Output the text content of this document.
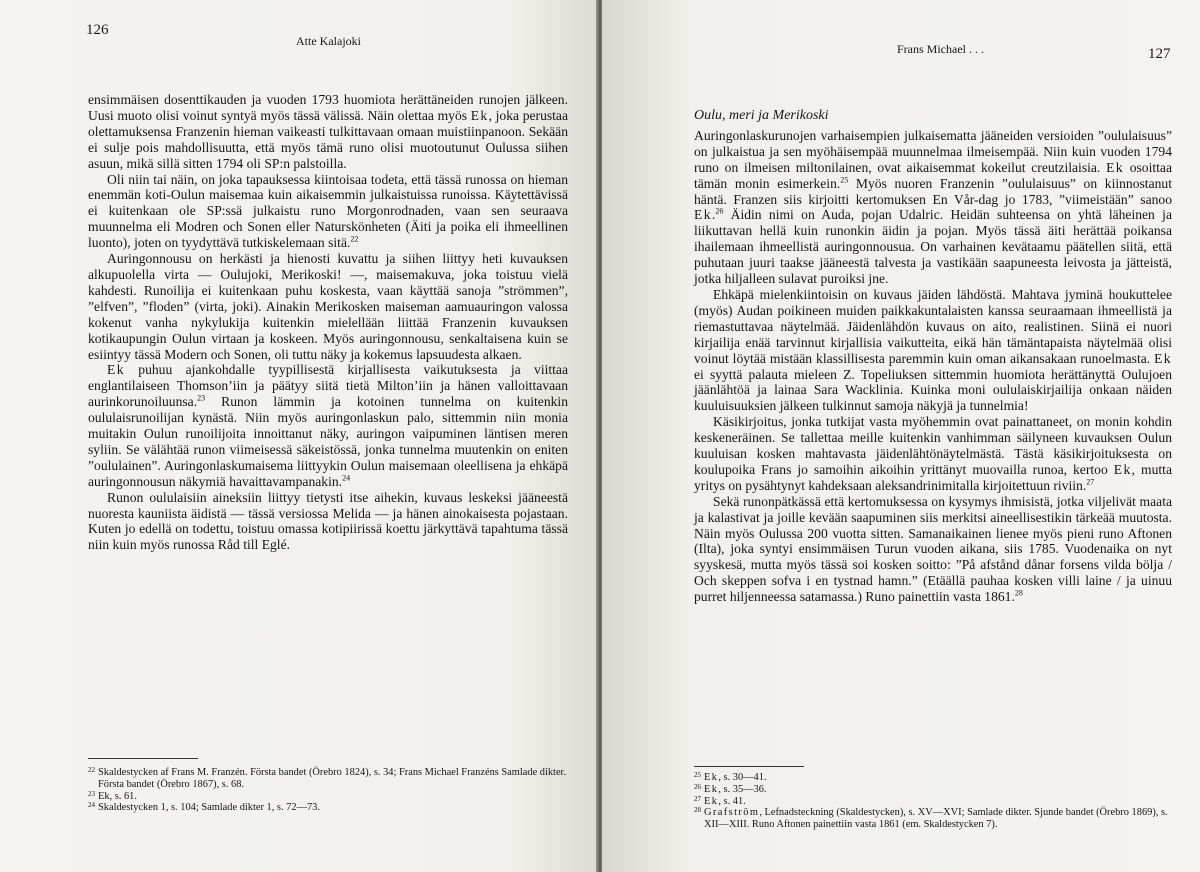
126
Atte Kalajoki

ensimmäisen dosenttikauden ja vuoden 1793 huomiota herättäneiden runojen jälkeen. Uusi muoto olisi voinut syntyä myös tässä välissä. Näin olettaa myös Ek, joka perustaa olettamuksensa Franzenin hieman vaikeasti tulkittavaan omaan muistiinpanoon. Sekään ei sulje pois mahdollisuutta, että myös tämä runo olisi muotoutunut Oulussa siihen asuun, mikä sillä sitten 1794 oli SP:n palstoilla.

Oli niin tai näin, on joka tapauksessa kiintoisaa todeta, että tässä runossa on hieman enemmän koti-Oulun maisemaa kuin aikaisemmin julkaistuissa runoissa. Käytettävissä ei kuitenkaan ole SP:ssä julkaistu runo Morgonrodnaden, vaan sen seuraava muunnelma eli Modren och Sonen eller Naturskönheten (Äiti ja poika eli ihmeellinen luonto), joten on tyydyttävä tutkiskelemaan sitä.$^{22}$

Auringonnousu on herkästi ja hienosti kuvattu ja siihen liittyy heti kuvauksen alkupuolella virta — Oulujoki, Merikoski! —, maisemakuva, joka toistuu vielä kahdesti. Runoilija ei kuitenkaan puhu koskesta, vaan käyttää sanoja ”strömmen”, ”elfven”, ”floden” (virta, joki). Ainakin Merikosken maiseman aamuauringon valossa kokenut vanha nykylukija kuitenkin mielellään liittää Franzenin kuvauksen kotikaupungin Oulun virtaan ja koskeen. Myös auringonnousu, senkaltaisena kuin se esiintyy tässä Modern och Sonen, oli tuttu näky ja kokemus lapsuudesta alkaen.

Ek puhuu ajankohdalle tyypillisestä kirjallisesta vaikutuksesta ja viittaa englantilaiseen Thomson’iin ja päätyy siitä tietä Milton’iin ja hänen valloittavaan aurinkorunoiluunsa.$^{23}$ Runon lämmin ja kotoinen tunnelma on kuitenkin oululaisrunoilijan kynästä. Niin myös auringonlaskun palo, sittemmin niin monia muitakin Oulun runoilijoita innoittanut näky, auringon vaipuminen läntisen meren syliin. Se välähtää runon viimeisessä säkeistössä, jonka tunnelma muutenkin on eniten ”oululainen”. Auringonlaskumaisema liittyykin Oulun maisemaan oleellisena ja ehkäpä auringonnousun näkymiä havaittavampanakin.$^{24}$

Runon oululaisiin aineksiin liittyy tietysti itse aihekin, kuvaus leskeksi jääneestä nuoresta kauniista äidistä — tässä versiossa Melida — ja hänen ainokaisesta pojastaan. Kuten jo edellä on todettu, toistuu omassa kotipiirissä koettu järkyttävä tapahtuma tässä niin kuin myös runossa Råd till Eglé.

22 Skaldestycken af Frans M. Franzén. Första bandet (Örebro 1824), s. 34; Frans Michael Franzéns Samlade dikter. Första bandet (Örebro 1867), s. 68.
23 Ek, s. 61.
24 Skaldestycken 1, s. 104; Samlade dikter 1, s. 72—73.
Frans Michael . . .	127
Oulu, meri ja Merikoski

Auringonlaskurunojen varhaisempien julkaisematta jääneiden versioiden ”oululaisuus” on julkaistua ja sen myöhäisempää muunnelmaa ilmeisempää. Niin kuin vuoden 1794 runo on ilmeisen miltonilainen, ovat aikaisemmat kokeilut creutzilaisia. Ek osoittaa tämän monin esimerkein.$^{25}$ Myös nuoren Franzenin ”oululaisuus” on kiinnostanut häntä. Franzen siis kirjoitti kertomuksen En Vår-dag jo 1783, ”viimeistään” sanoo Ek.$^{26}$ Äidin nimi on Auda, pojan Udalric. Heidän suhteensa on yhtä läheinen ja liikuttavan hellä kuin runonkin äidin ja pojan. Myös tässä äiti herättää poikansa ihailemaan ihmeellistä auringonnousua. On varhainen kevätaamu päätellen siitä, että puhutaan juuri taakse jääneestä talvesta ja vastikään saapuneesta leivosta ja jätteistä, jotka hiljalleen sulavat puroiksi jne.

Ehkäpä mielenkiintoisin on kuvaus jäiden lähdöstä. Mahtava jyminä houkuttelee (myös) Audan poikineen muiden paikkakuntalaisten kanssa seuraamaan ihmeellistä ja riemastuttavaa näytelmää. Jäidenlähdön kuvaus on aito, realistinen. Siinä ei nuori kirjailija enää tarvinnut kirjallisia vaikutteita, eikä hän tämäntapaista näytelmää olisi voinut löytää mistään klassillisesta paremmin kuin oman aikansakaan runoelmasta. Ek ei syyttä palauta mieleen Z. Topeliuksen sittemmin huomiota herättänyttä Oulujoen jäänlähtöä ja lainaa Sara Wacklinia. Kuinka moni oululaiskirjailija onkaan näiden kuuluisuuksien jälkeen tulkinnut samoja näkyjä ja tunnelmia!

Käsikirjoitus, jonka tutkijat vasta myöhemmin ovat painattaneet, on monin kohdin keskeneräinen. Se tallettaa meille kuitenkin vanhimman säilyneen kuvauksen Oulun kuuluisan kosken mahtavasta jäidenlähtönäytelmästä. Tästä käsikirjoituksesta on koulupoika Frans jo samoihin aikoihin yrittänyt muovailla runoa, kertoo Ek, mutta yritys on pysähtynyt kahdeksaan aleksandrinimitalla kirjoitettuun riviin.$^{27}$

Sekä runonpätkässä että kertomuksessa on kysymys ihmisistä, jotka viljelivät maata ja kalastivat ja joille kevään saapuminen siis merkitsi aineellisestikin tärkeää muutosta. Näin myös Oulussa 200 vuotta sitten. Samanaikainen lienee myös pieni runo Aftonen (Ilta), joka syntyi ensimmäisen Turun vuoden aikana, siis 1785. Vuodenaika on nyt syyskesä, mutta myös tässä soi kosken soitto: ”På afstånd dånar forsens vilda bölja / Och skeppen sofva i en tystnad hamn.” (Etäällä pauhaa kosken villi laine / ja uinuu purret hiljenneessa satamassa.) Runo painettiin vasta 1861.28

25 Ek, s. 30—41.
26 Ek, s. 35—36.
27 Ek, s. 41.
28 Grafström, Lefnadsteckning (Skaldestycken), s. XV—XVI; Samlade dikter. Sjunde bandet (Örebro 1869), s. XII—XIII. Runo Aftonen painettiin vasta 1861 (em. Skaldestycken 7).
